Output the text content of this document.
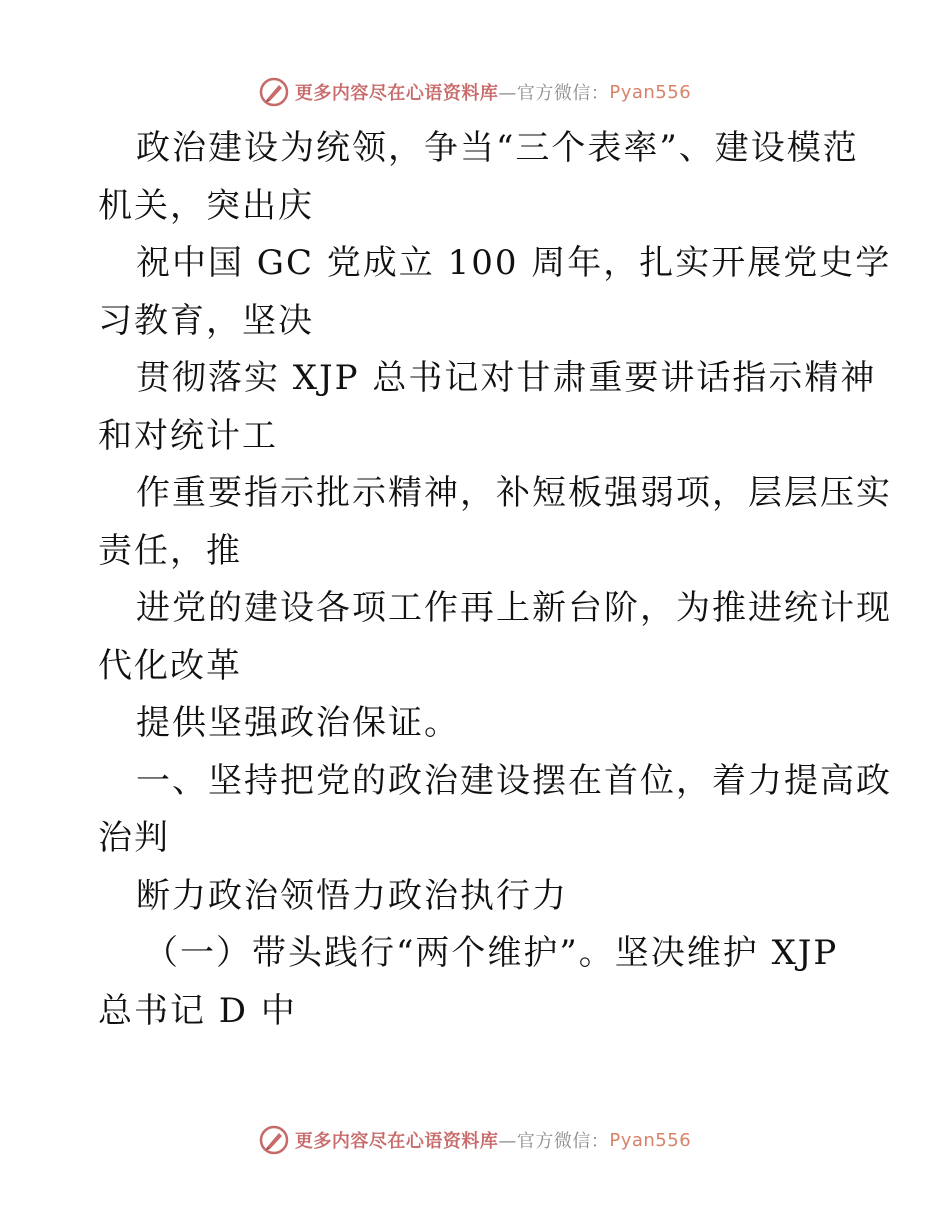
更多内容尽在心语资料库 —官方微信： Pyan556
政治建设为统领，争当“三个表率”、建设模范
机关，突出庆
祝中国 GC 党成立 100 周年，扎实开展党史学
习教育，坚决
贯彻落实 XJP 总书记对甘肃重要讲话指示精神
和对统计工
作重要指示批示精神，补短板强弱项，层层压实
责任，推
进党的建设各项工作再上新台阶，为推进统计现
代化改革
提供坚强政治保证。
一、坚持把党的政治建设摆在首位，着力提高政
治判
断力政治领悟力政治执行力
（一）带头践行“两个维护”。坚决维护 XJP
总书记 D 中
更多内容尽在心语资料库 —官方微信： Pyan556
